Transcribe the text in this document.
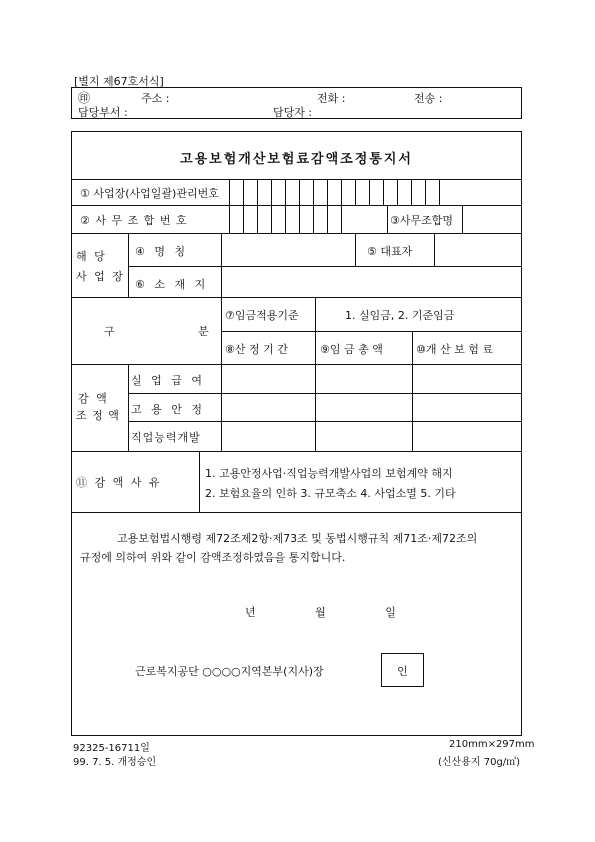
[별지 제67호서식]
㊞	주소 :	전화 :	전송 :
담당부서 :	담당자 :
고용보험개산보험료감액조정통지서
① 사업장(사업일괄)관리번호
② 사 무 조 합 번 호	③사무조합명
해 당
사 업 장
④ 명 칭	⑤ 대표자
⑥ 소 재 지
구 분
⑦임금적용기준	1. 실임금, 2. 기준임금
⑧산 정 기 간	⑨임 금 총 액	⑩개 산 보 험 료
감 액
조 정 액
실 업 급 여
고 용 안 정
직업능력개발
⑪ 감 액 사 유
1. 고용안정사업·직업능력개발사업의 보험계약 해지
2. 보험요율의 인하 3. 규모축소 4. 사업소멸 5. 기타
고용보험법시행령 제72조제2항·제73조 및 동법시행규칙 제71조·제72조의
규정에 의하여 위와 같이 감액조정하였음을 통지합니다.
년 월 일
근로복지공단 ○○○○지역본부(지사)장	인
92325-16711일
99. 7. 5. 개정승인
210mm×297mm
(신산용지 70g/㎡)
